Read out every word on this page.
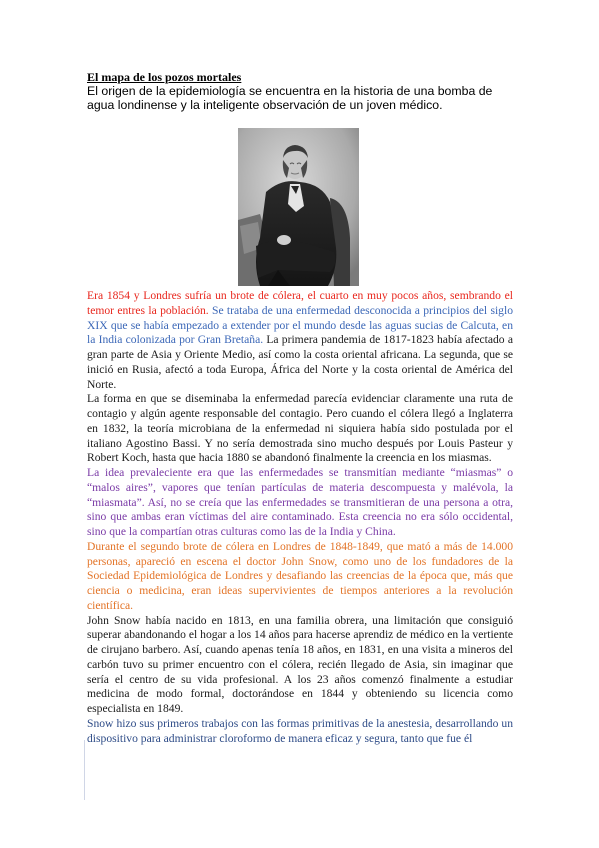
El mapa de los pozos mortales

El origen de la epidemiología se encuentra en la historia de una bomba de agua londinense y la inteligente observación de un joven médico.

Era 1854 y Londres sufría un brote de cólera, el cuarto en muy pocos años, sembrando el temor entres la población. Se trataba de una enfermedad desconocida a principios del siglo XIX que se había empezado a extender por el mundo desde las aguas sucias de Calcuta, en la India colonizada por Gran Bretaña. La primera pandemia de 1817-1823 había afectado a gran parte de Asia y Oriente Medio, así como la costa oriental africana. La segunda, que se inició en Rusia, afectó a toda Europa, África del Norte y la costa oriental de América del Norte.

La forma en que se diseminaba la enfermedad parecía evidenciar claramente una ruta de contagio y algún agente responsable del contagio. Pero cuando el cólera llegó a Inglaterra en 1832, la teoría microbiana de la enfermedad ni siquiera había sido postulada por el italiano Agostino Bassi. Y no sería demostrada sino mucho después por Louis Pasteur y Robert Koch, hasta que hacia 1880 se abandonó finalmente la creencia en los miasmas.

La idea prevaleciente era que las enfermedades se transmitían mediante “miasmas” o “malos aires”, vapores que tenían partículas de materia descompuesta y malévola, la “miasmata”. Así, no se creía que las enfermedades se transmitieran de una persona a otra, sino que ambas eran víctimas del aire contaminado. Esta creencia no era sólo occidental, sino que la compartían otras culturas como las de la India y China.

Durante el segundo brote de cólera en Londres de 1848-1849, que mató a más de 14.000 personas, apareció en escena el doctor John Snow, como uno de los fundadores de la Sociedad Epidemiológica de Londres y desafiando las creencias de la época que, más que ciencia o medicina, eran ideas supervivientes de tiempos anteriores a la revolución científica.

John Snow había nacido en 1813, en una familia obrera, una limitación que consiguió superar abandonando el hogar a los 14 años para hacerse aprendiz de médico en la vertiente de cirujano barbero. Así, cuando apenas tenía 18 años, en 1831, en una visita a mineros del carbón tuvo su primer encuentro con el cólera, recién llegado de Asia, sin imaginar que sería el centro de su vida profesional. A los 23 años comenzó finalmente a estudiar medicina de modo formal, doctorándose en 1844 y obteniendo su licencia como especialista en 1849.

Snow hizo sus primeros trabajos con las formas primitivas de la anestesia, desarrollando un dispositivo para administrar cloroformo de manera eficaz y segura, tanto que fue él
